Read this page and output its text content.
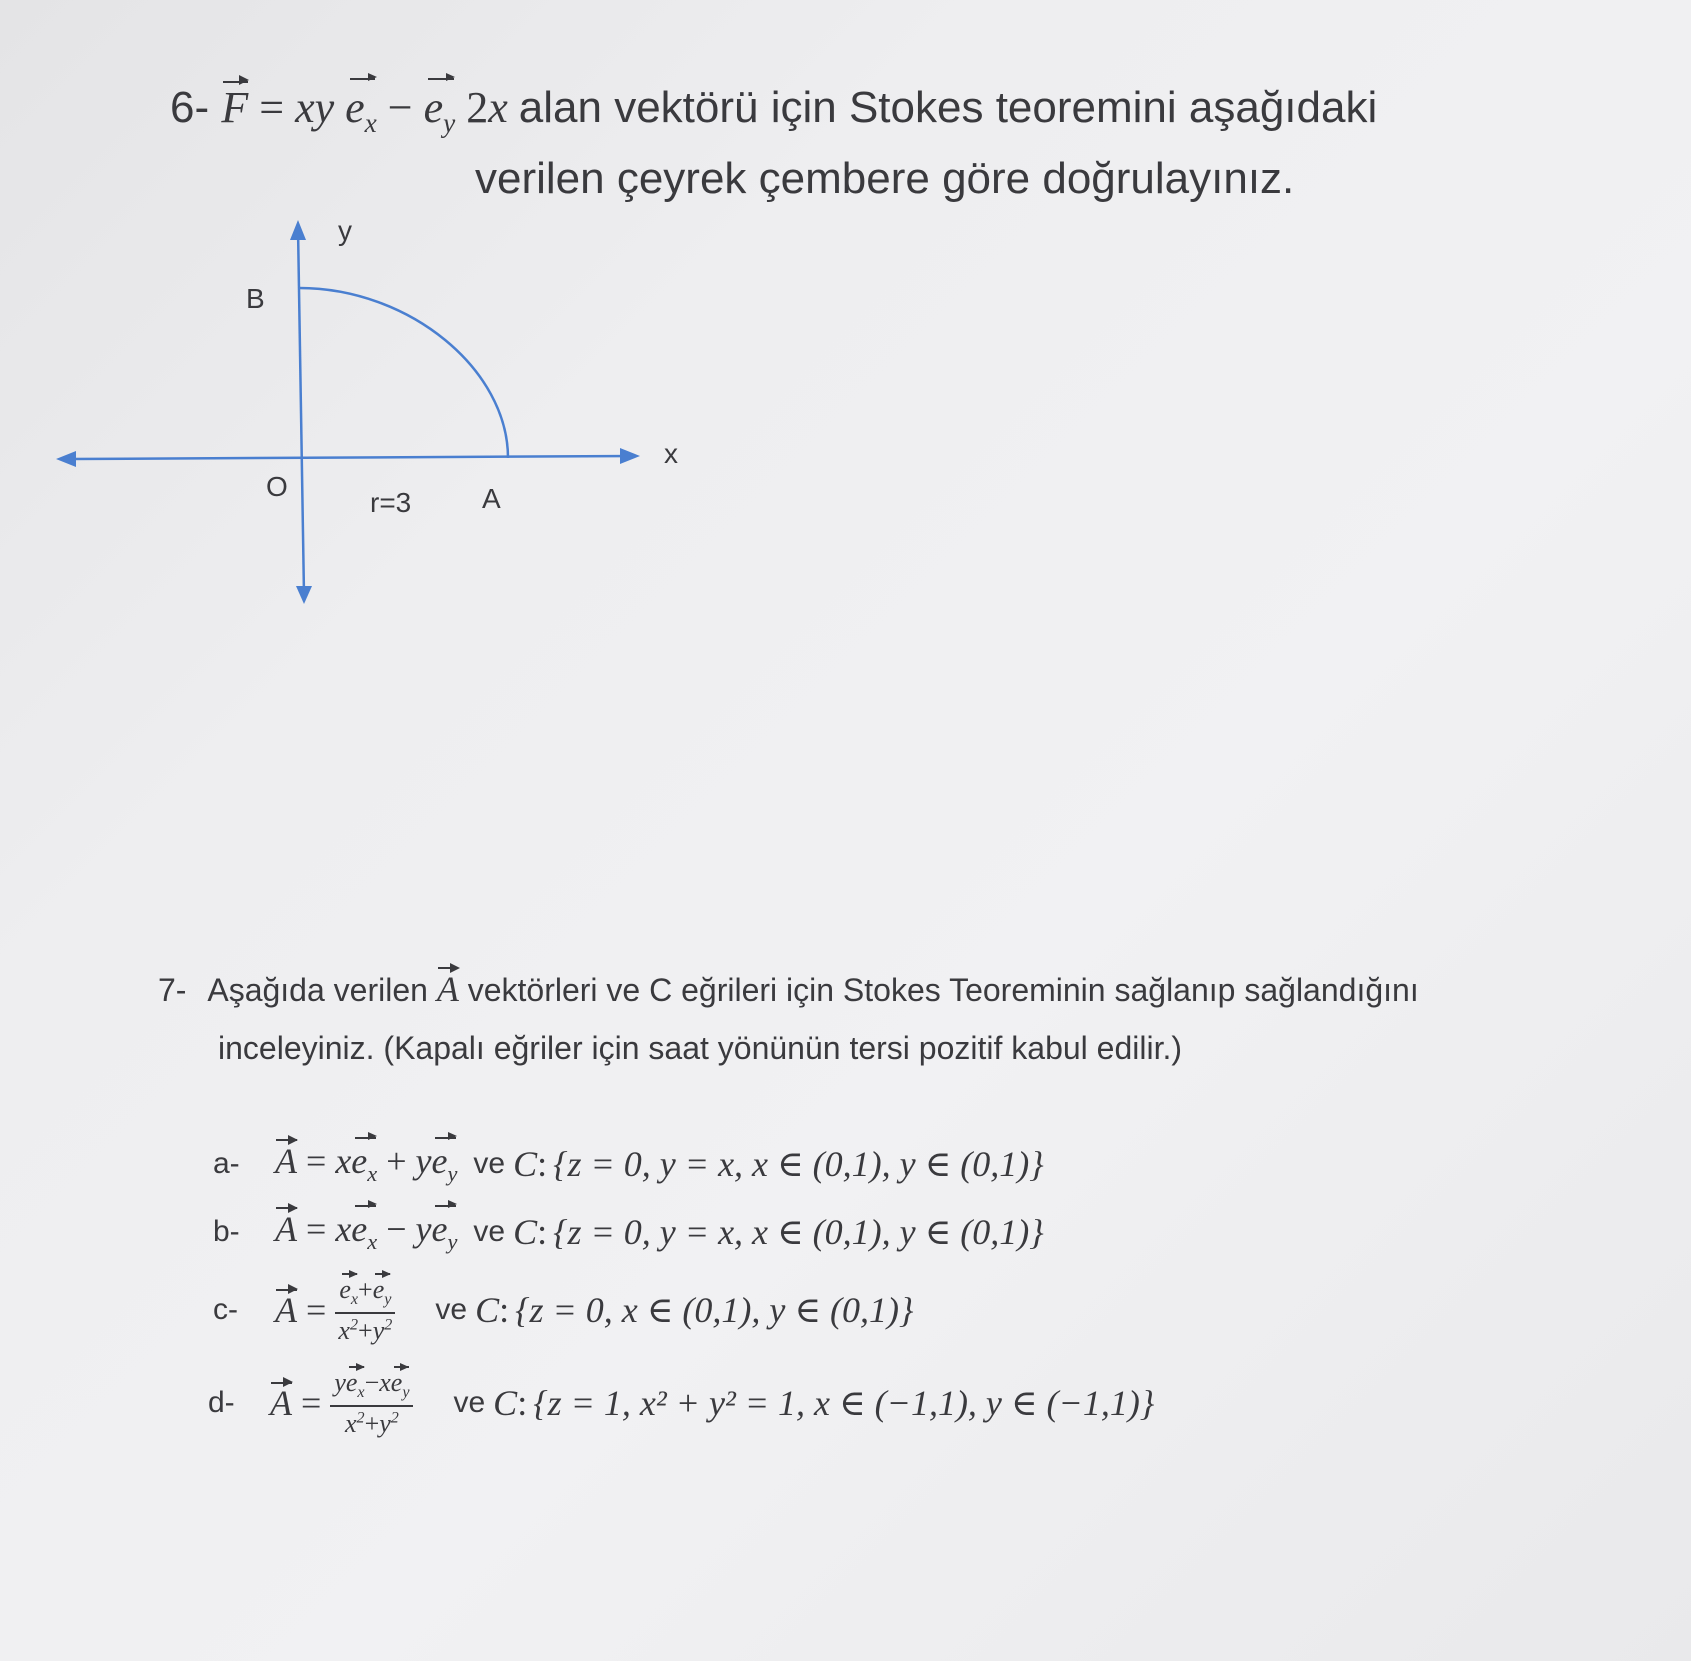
6- F = xy $e_x - e_y$ 2x alan vektörü için Stokes teoremini aşağıdaki
verilen çeyrek çembere göre doğrulayınız.
y
x
B
O
r=3	A
7- Aşağıda verilen A vektörleri ve C eğrileri için Stokes Teoreminin sağlanıp sağlandığını
inceleyiniz. (Kapalı eğriler için saat yönünün tersi pozitif kabul edilir.)
a- $A = xe_x + ye_y$ ve C: {z = 0, y = x, x ∈ (0,1), y ∈ (0,1)}
b- $A = xe_x - ye_y$ ve C: {z = 0, y = x, x ∈ (0,1), y ∈ (0,1)}
c-	A
=
$\frac{e_x+e_y}{x^2+y^2}$ ve C: {z = 0, x ∈ (0,1), y ∈ (0,1)}
d- A
=
$\frac{ye_x-xe_y}{x^2+y^2}$ ve C: {z = 1, x² + y² = 1, x ∈ (−1,1), y ∈ (−1,1)}
